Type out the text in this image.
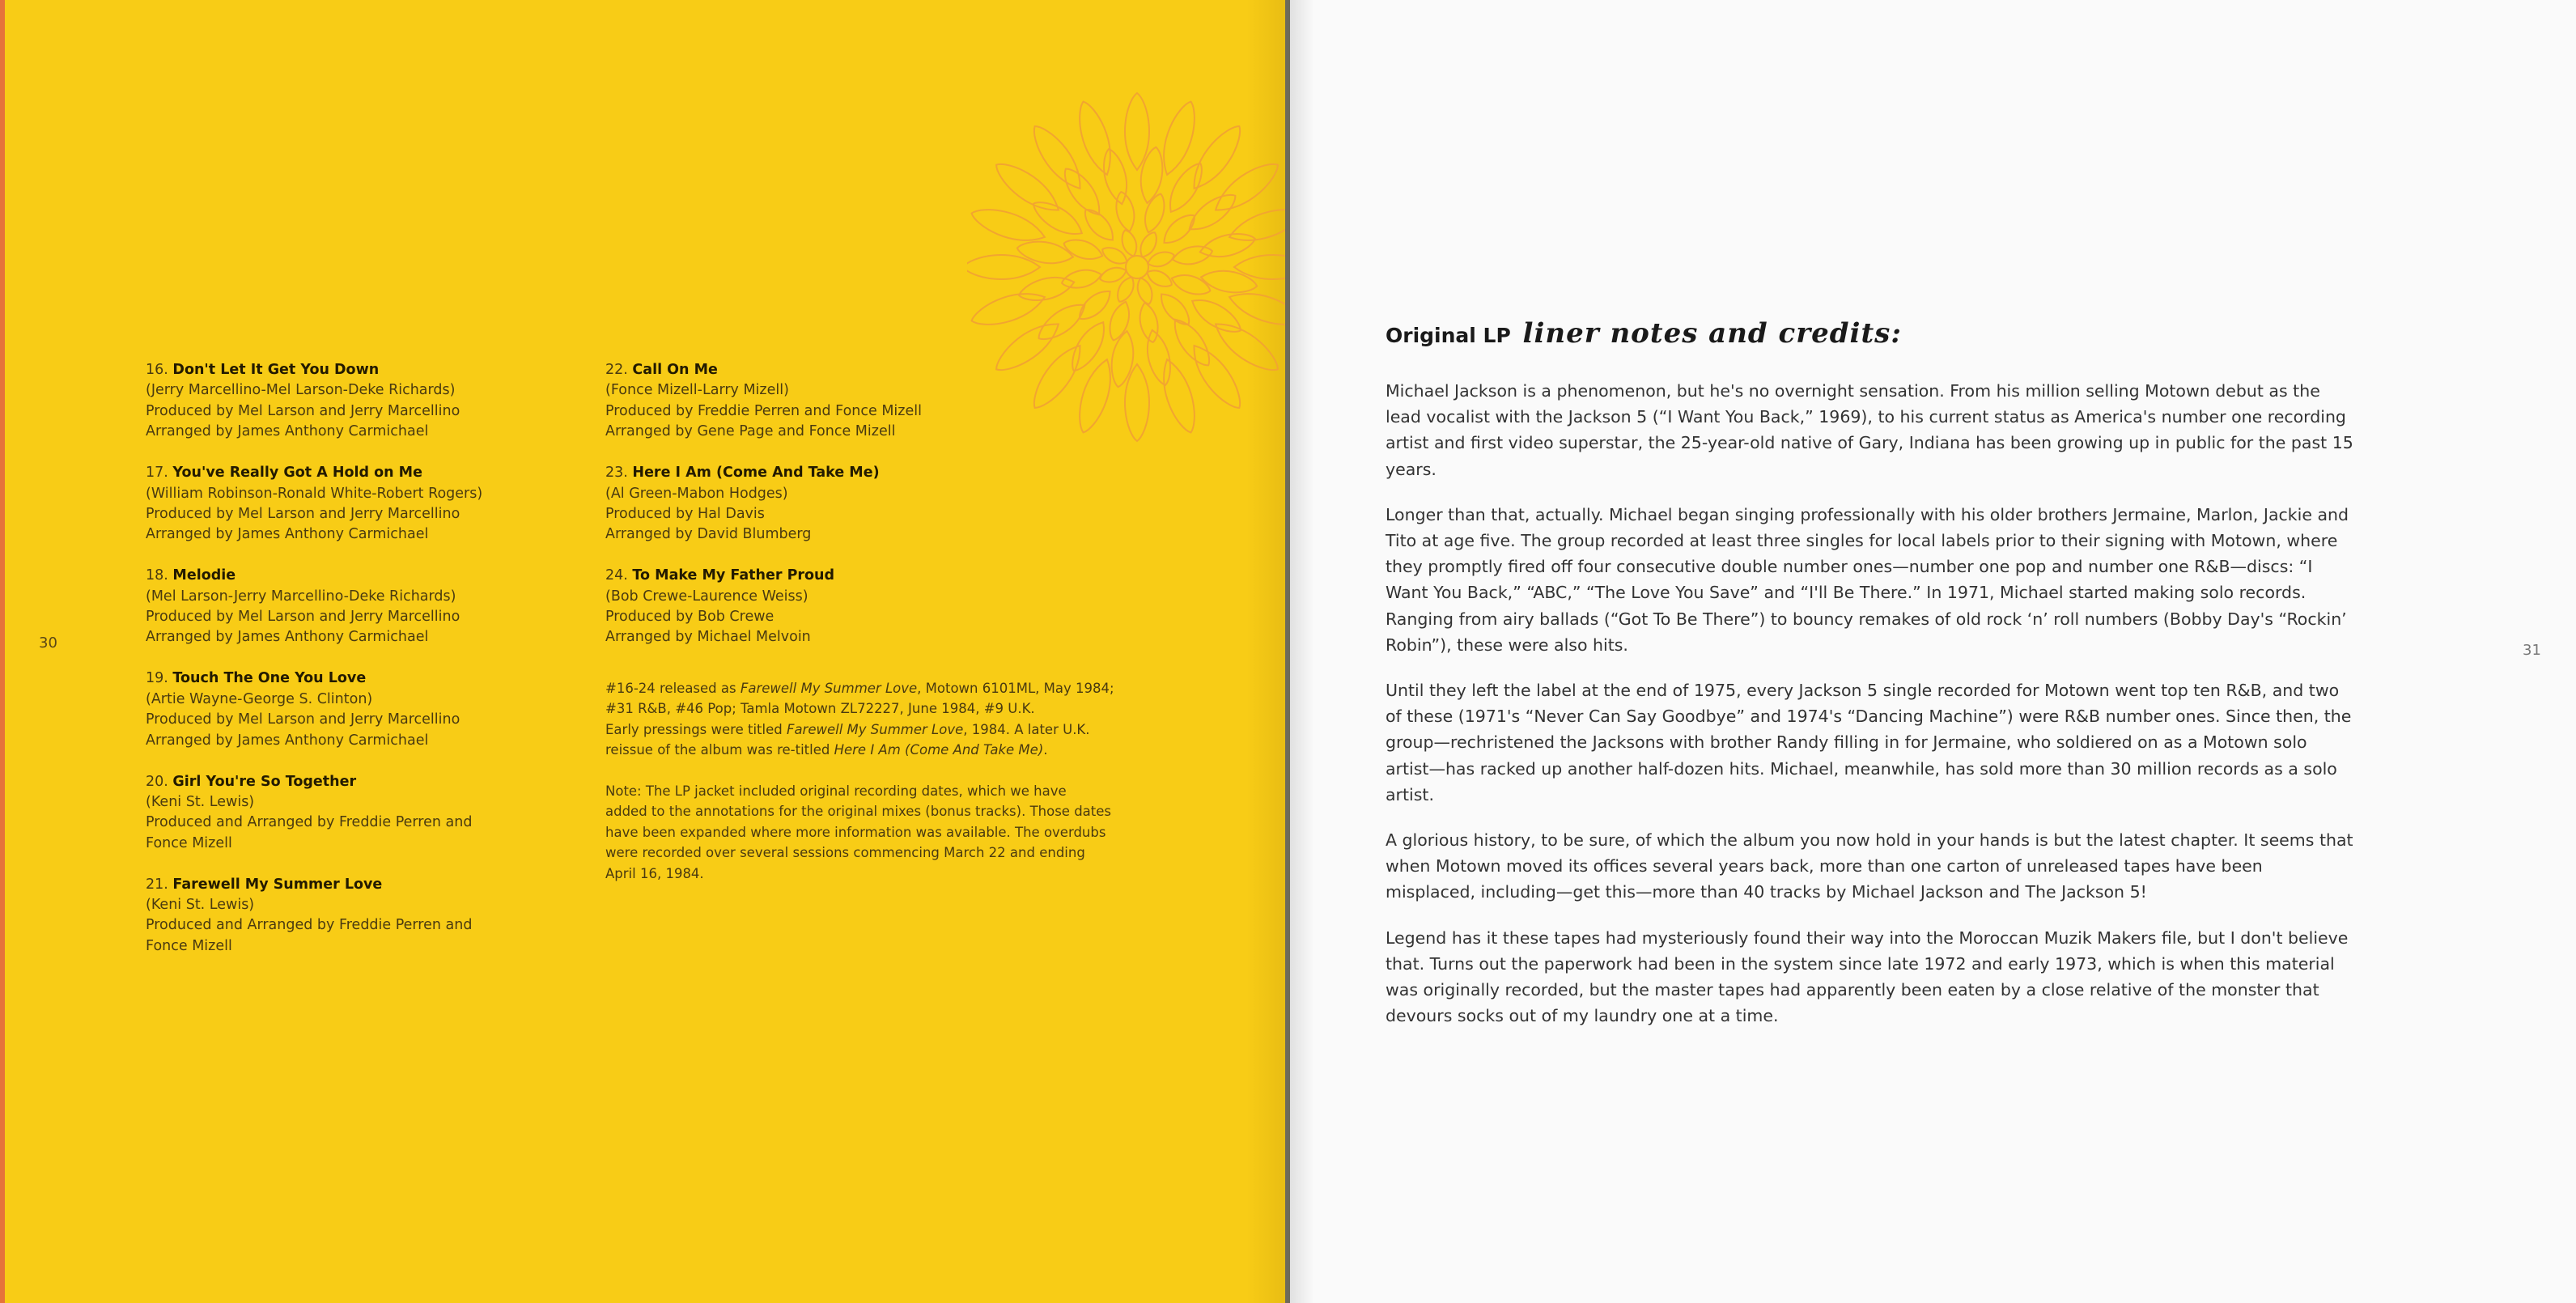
30
16. Don't Let It Get You Down
(Jerry Marcellino-Mel Larson-Deke Richards)
Produced by Mel Larson and Jerry Marcellino
Arranged by James Anthony Carmichael
17. You've Really Got A Hold on Me
(William Robinson-Ronald White-Robert Rogers)
Produced by Mel Larson and Jerry Marcellino
Arranged by James Anthony Carmichael
18. Melodie
(Mel Larson-Jerry Marcellino-Deke Richards)
Produced by Mel Larson and Jerry Marcellino
Arranged by James Anthony Carmichael
19. Touch The One You Love
(Artie Wayne-George S. Clinton)
Produced by Mel Larson and Jerry Marcellino
Arranged by James Anthony Carmichael
20. Girl You're So Together
(Keni St. Lewis)
Produced and Arranged by Freddie Perren and
Fonce Mizell
21. Farewell My Summer Love
(Keni St. Lewis)
Produced and Arranged by Freddie Perren and
Fonce Mizell
22. Call On Me
(Fonce Mizell-Larry Mizell)
Produced by Freddie Perren and Fonce Mizell
Arranged by Gene Page and Fonce Mizell
23. Here I Am (Come And Take Me)
(Al Green-Mabon Hodges)
Produced by Hal Davis
Arranged by David Blumberg
24. To Make My Father Proud
(Bob Crewe-Laurence Weiss)
Produced by Bob Crewe
Arranged by Michael Melvoin

#16-24 released as Farewell My Summer Love, Motown 6101ML, May 1984;
#31 R&B, #46 Pop; Tamla Motown ZL72227, June 1984, #9 U.K.
Early pressings were titled Farewell My Summer Love, 1984. A later U.K.
reissue of the album was re-titled Here I Am (Come And Take Me).

Note: The LP jacket included original recording dates, which we have
added to the annotations for the original mixes (bonus tracks). Those dates
have been expanded where more information was available. The overdubs
were recorded over several sessions commencing March 22 and ending
April 16, 1984.

Original LP liner notes and credits:

Michael Jackson is a phenomenon, but he's no overnight sensation. From his million selling Motown debut as the lead vocalist with the Jackson 5 (“I Want You Back,” 1969), to his current status as America's number one recording artist and first video superstar, the 25-year-old native of Gary, Indiana has been growing up in public for the past 15 years.

Longer than that, actually. Michael began singing professionally with his older brothers Jermaine, Marlon, Jackie and Tito at age five. The group recorded at least three singles for local labels prior to their signing with Motown, where they promptly fired off four consecutive double number ones—number one pop and number one R&B—discs: “I Want You Back,” “ABC,” “The Love You Save” and “I'll Be There.” In 1971, Michael started making solo records. Ranging from airy ballads (“Got To Be There”) to bouncy remakes of old rock ‘n’ roll numbers (Bobby Day's “Rockin’ Robin”), these were also hits.

Until they left the label at the end of 1975, every Jackson 5 single recorded for Motown went top ten R&B, and two of these (1971's “Never Can Say Goodbye” and 1974's “Dancing Machine”) were R&B number ones. Since then, the group—rechristened the Jacksons with brother Randy filling in for Jermaine, who soldiered on as a Motown solo artist—has racked up another half-dozen hits. Michael, meanwhile, has sold more than 30 million records as a solo artist.

A glorious history, to be sure, of which the album you now hold in your hands is but the latest chapter. It seems that when Motown moved its offices several years back, more than one carton of unreleased tapes have been misplaced, including—get this—more than 40 tracks by Michael Jackson and The Jackson 5!

Legend has it these tapes had mysteriously found their way into the Moroccan Muzik Makers file, but I don't believe that. Turns out the paperwork had been in the system since late 1972 and early 1973, which is when this material was originally recorded, but the master tapes had apparently been eaten by a close relative of the monster that devours socks out of my laundry one at a time.

31
